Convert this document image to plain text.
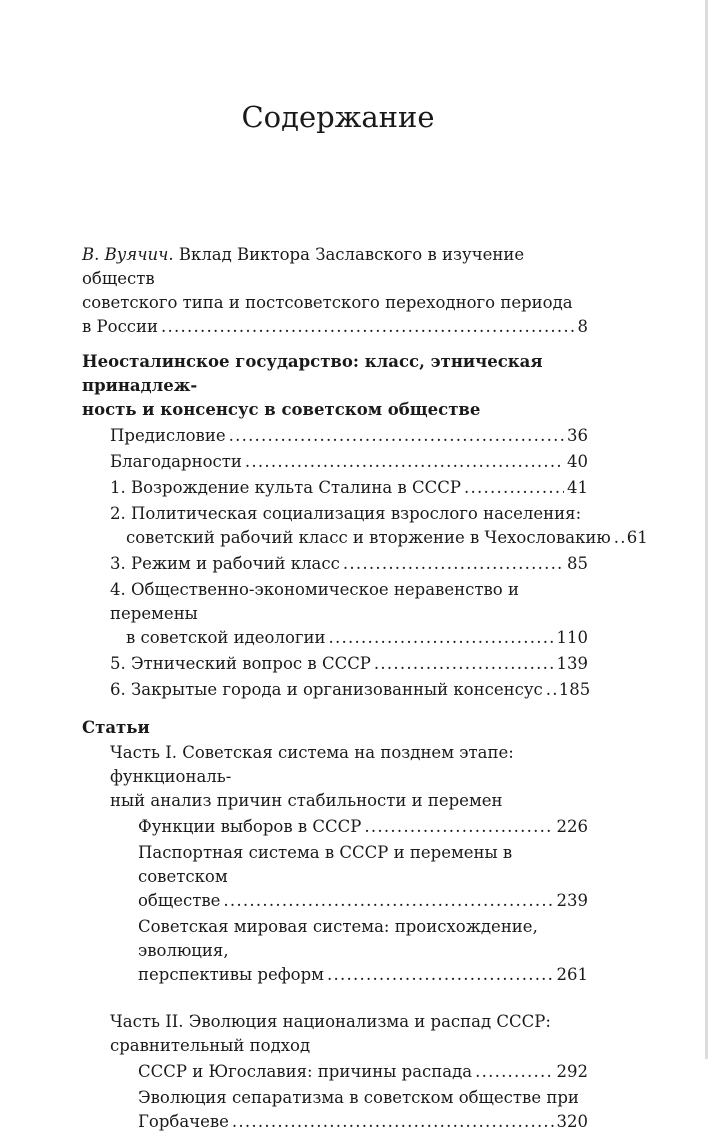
Содержание
В. Вуячич. Вклад Виктора Заславского в изучение обществ
советского типа и постсоветского переходного периода
в России . . .	8
Неосталинское государство: класс, этническая принадлеж-
ность и консенсус в советском обществе
Предисловие . . .	36
Благодарности . . .	40
1. Возрождение культа Сталина в СССР . . .	41
2. Политическая социализация взрослого населения:
советский рабочий класс и вторжение в Чехословакию . . . 61
3. Режим и рабочий класс . . .	85
4. Общественно-экономическое неравенство и перемены
в советской идеологии . . .	110
5. Этнический вопрос в СССР . . .	139
6. Закрытые города и организованный консенсус . . . 185
Статьи
Часть I. Советская система на позднем этапе: функциональ-
ный анализ причин стабильности и перемен
Функции выборов в СССР . . .	226
Паспортная система в СССР и перемены в советском
обществе . . .	239
Советская мировая система: происхождение, эволюция,
перспективы реформ . . .	261
Часть II. Эволюция национализма и распад СССР:
сравнительный подход
СССР и Югославия: причины распада . . .	292
Эволюция сепаратизма в советском обществе при
Горбачеве . . .	320
